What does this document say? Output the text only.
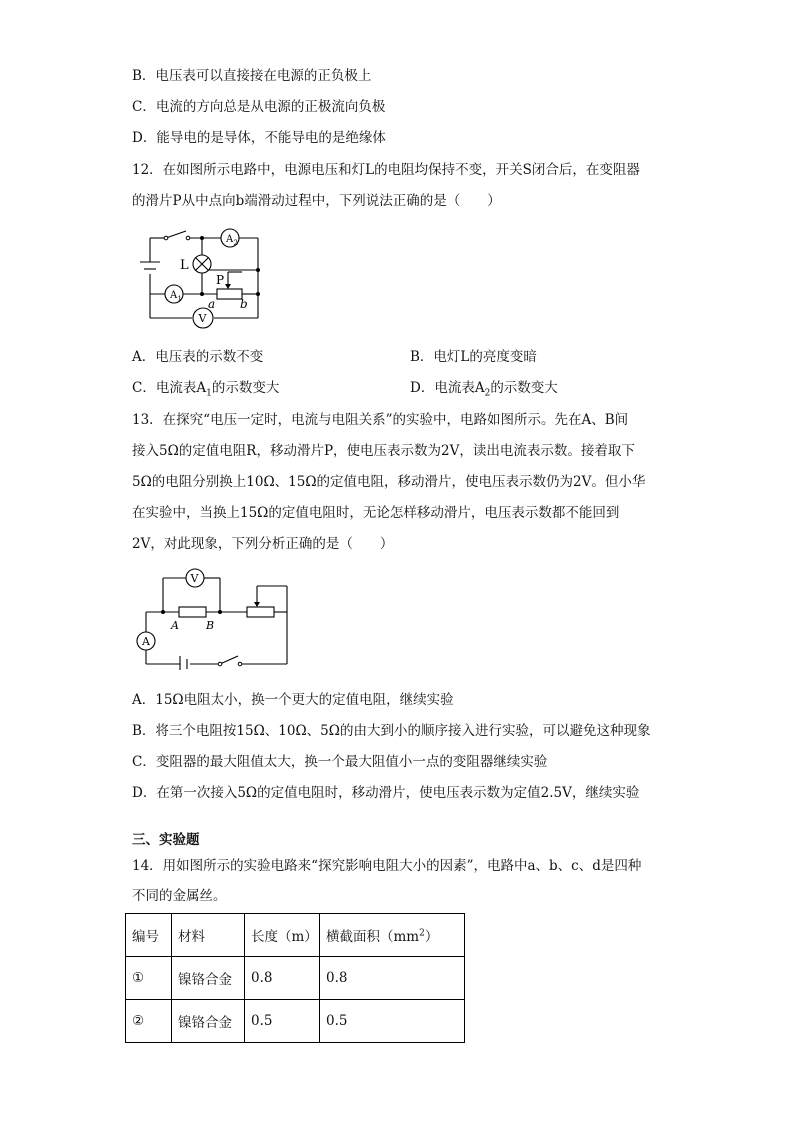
B．电压表可以直接接在电源的正负极上
C．电流的方向总是从电源的正极流向负极
D．能导电的是导体，不能导电的是绝缘体
12．在如图所示电路中，电源电压和灯L的电阻均保持不变，开关S闭合后，在变阻器
的滑片P从中点向b端滑动过程中，下列说法正确的是（　　）
A 2
L
P
A 1 a b
V
A．电压表的示数不变	B．电灯L的亮度变暗
C．电流表$A_1$的示数变大	D．电流表$A_2$的示数变大
13．在探究“电压一定时，电流与电阻关系”的实验中，电路如图所示。先在A、B间
接入5Ω的定值电阻R，移动滑片P，使电压表示数为2V，读出电流表示数。接着取下
5Ω的电阻分别换上10Ω、15Ω的定值电阻，移动滑片，使电压表示数仍为2V。但小华
在实验中，当换上15Ω的定值电阻时，无论怎样移动滑片，电压表示数都不能回到
2V，对此现象，下列分析正确的是（　　）
V
A
A B
A．15Ω电阻太小，换一个更大的定值电阻，继续实验
B．将三个电阻按15Ω、10Ω、5Ω的由大到小的顺序接入进行实验，可以避免这种现象
C．变阻器的最大阻值太大，换一个最大阻值小一点的变阻器继续实验
D．在第一次接入5Ω的定值电阻时，移动滑片，使电压表示数为定值2.5V，继续实验
三、实验题
14．用如图所示的实验电路来“探究影响电阻大小的因素”，电路中a、b、c、d是四种
不同的金属丝。
编号	材料	长度（m）	横截面积$(mm^2)$
①	镍铬合金	0.8	0.8
②	镍铬合金	0.5	0.5
